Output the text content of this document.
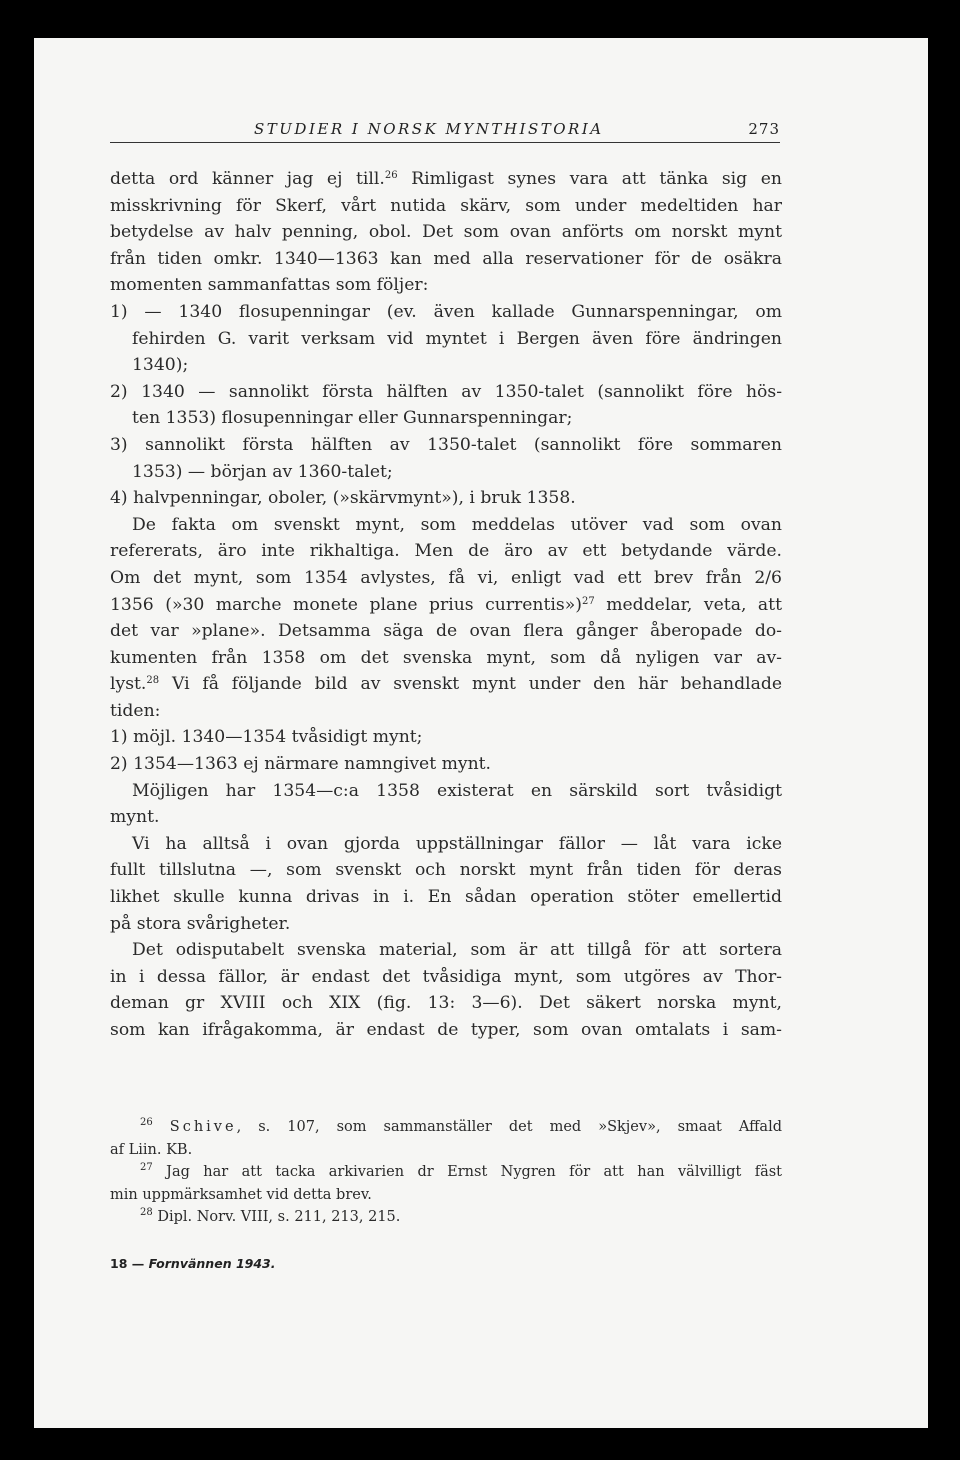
STUDIER I NORSK MYNTHISTORIA	273
detta ord känner jag ej till.$^{26}$ Rimligast synes vara att tänka sig en
misskrivning för Skerf, vårt nutida skärv, som under medeltiden har
betydelse av halv penning, obol. Det som ovan anförts om norskt mynt
från tiden omkr. 1340—1363 kan med alla reservationer för de osäkra
momenten sammanfattas som följer:
1) — 1340 flosupenningar (ev. även kallade Gunnarspenningar, om
fehirden G. varit verksam vid myntet i Bergen även före ändringen
1340);
2) 1340 — sannolikt första hälften av 1350-talet (sannolikt före hös-
ten 1353) flosupenningar eller Gunnarspenningar;
3) sannolikt första hälften av 1350-talet (sannolikt före sommaren
1353) — början av 1360-talet;
4) halvpenningar, oboler, (»skärvmynt»), i bruk 1358.
De fakta om svenskt mynt, som meddelas utöver vad som ovan
refererats, äro inte rikhaltiga. Men de äro av ett betydande värde.
Om det mynt, som 1354 avlystes, få vi, enligt vad ett brev från 2/6
1356 (»30 marche monete plane prius currentis»)$^{27}$ meddelar, veta, att
det var »plane». Detsamma säga de ovan flera gånger åberopade do-
kumenten från 1358 om det svenska mynt, som då nyligen var av-
lyst.$^{28}$ Vi få följande bild av svenskt mynt under den här behandlade
tiden:
1) möjl. 1340—1354 tvåsidigt mynt;
2) 1354—1363 ej närmare namngivet mynt.
Möjligen har 1354—c:a 1358 existerat en särskild sort tvåsidigt
mynt.
Vi ha alltså i ovan gjorda uppställningar fällor — låt vara icke
fullt tillslutna —, som svenskt och norskt mynt från tiden för deras
likhet skulle kunna drivas in i. En sådan operation stöter emellertid
på stora svårigheter.
Det odisputabelt svenska material, som är att tillgå för att sortera
in i dessa fällor, är endast det tvåsidiga mynt, som utgöres av Thor-
deman gr XVIII och XIX (fig. 13: 3—6). Det säkert norska mynt,
som kan ifrågakomma, är endast de typer, som ovan omtalats i sam-
$^{26}$ Schive, s. 107, som sammanställer det med »Skjev», smaat Affald
af Liin. KB.
$^{27}$ Jag har att tacka arkivarien dr Ernst Nygren för att han välvilligt fäst
min uppmärksamhet vid detta brev.
$^{28}$ Dipl. Norv. VIII, s. 211, 213, 215.
18 — Fornvännen 1943.
